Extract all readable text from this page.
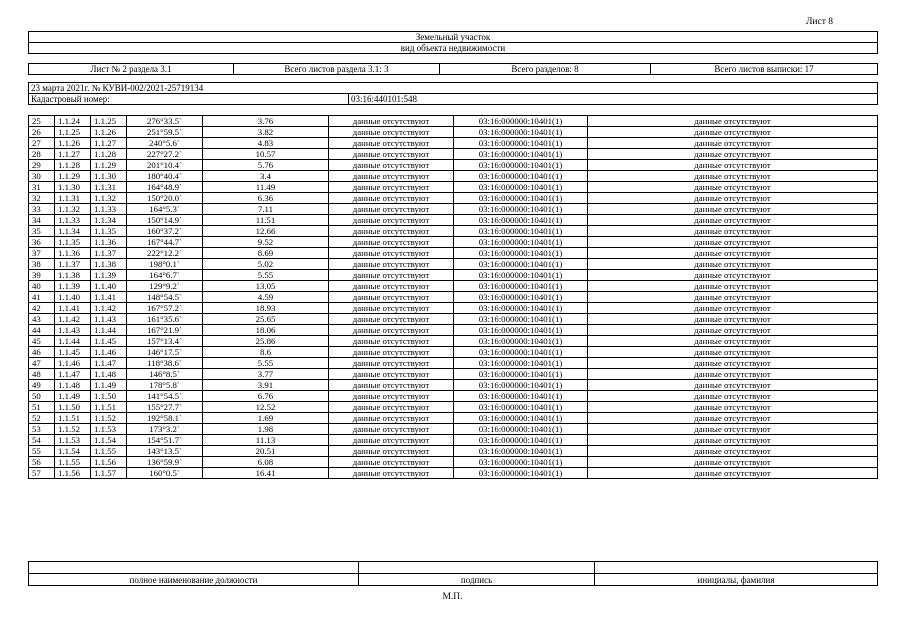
Лист 8
Земельный участок
вид объекта недвижимости
Лист № 2 раздела 3.1	Всего листов раздела 3.1: 3	Всего разделов: 8	Всего листов выписки: 17
23 марта 2021г. № КУВИ-002/2021-25719134
Кадастровый номер:	03:16:440101:548
25	1.1.24	1.1.25	276°33.5`	3.76	данные отсутствуют	03:16:000000:10401(1)	данные отсутствуют
26	1.1.25	1.1.26	251°59.5`	3.82	данные отсутствуют	03:16:000000:10401(1)	данные отсутствуют
27	1.1.26	1.1.27	240°5.6`	4.83	данные отсутствуют	03:16:000000:10401(1)	данные отсутствуют
28	1.1.27	1.1.28	227°27.2`	10.57	данные отсутствуют	03:16:000000:10401(1)	данные отсутствуют
29	1.1.28	1.1.29	201°10.4`	5.76	данные отсутствуют	03:16:000000:10401(1)	данные отсутствуют
30	1.1.29	1.1.30	180°40.4`	3.4	данные отсутствуют	03:16:000000:10401(1)	данные отсутствуют
31	1.1.30	1.1.31	164°48.9`	11.49	данные отсутствуют	03:16:000000:10401(1)	данные отсутствуют
32	1.1.31	1.1.32	150°20.0`	6.36	данные отсутствуют	03:16:000000:10401(1)	данные отсутствуют
33	1.1.32	1.1.33	164°5.3`	7.11	данные отсутствуют	03:16:000000:10401(1)	данные отсутствуют
34	1.1.33	1.1.34	150°14.9`	11.51	данные отсутствуют	03:16:000000:10401(1)	данные отсутствуют
35	1.1.34	1.1.35	160°37.2`	12.66	данные отсутствуют	03:16:000000:10401(1)	данные отсутствуют
36	1.1.35	1.1.36	167°44.7`	9.52	данные отсутствуют	03:16:000000:10401(1)	данные отсутствуют
37	1.1.36	1.1.37	222°12.2`	8.69	данные отсутствуют	03:16:000000:10401(1)	данные отсутствуют
38	1.1.37	1.1.38	198°0.1`	5.02	данные отсутствуют	03:16:000000:10401(1)	данные отсутствуют
39	1.1.38	1.1.39	164°6.7`	5.55	данные отсутствуют	03:16:000000:10401(1)	данные отсутствуют
40	1.1.39	1.1.40	129°9.2`	13.05	данные отсутствуют	03:16:000000:10401(1)	данные отсутствуют
41	1.1.40	1.1.41	148°54.5`	4.59	данные отсутствуют	03:16:000000:10401(1)	данные отсутствуют
42	1.1.41	1.1.42	167°57.2`	18.93	данные отсутствуют	03:16:000000:10401(1)	данные отсутствуют
43	1.1.42	1.1.43	161°35.6`	25.65	данные отсутствуют	03:16:000000:10401(1)	данные отсутствуют
44	1.1.43	1.1.44	167°21.9`	18.06	данные отсутствуют	03:16:000000:10401(1)	данные отсутствуют
45	1.1.44	1.1.45	157°13.4`	25.86	данные отсутствуют	03:16:000000:10401(1)	данные отсутствуют
46	1.1.45	1.1.46	146°17.5`	8.6	данные отсутствуют	03:16:000000:10401(1)	данные отсутствуют
47	1.1.46	1.1.47	118°38.6`	5.55	данные отсутствуют	03:16:000000:10401(1)	данные отсутствуют
48	1.1.47	1.1.48	146°8.5`	3.77	данные отсутствуют	03:16:000000:10401(1)	данные отсутствуют
49	1.1.48	1.1.49	178°5.8`	3.91	данные отсутствуют	03:16:000000:10401(1)	данные отсутствуют
50	1.1.49	1.1.50	141°54.5`	6.76	данные отсутствуют	03:16:000000:10401(1)	данные отсутствуют
51	1.1.50	1.1.51	155°27.7`	12.52	данные отсутствуют	03:16:000000:10401(1)	данные отсутствуют
52	1.1.51	1.1.52	192°58.1`	1.69	данные отсутствуют	03:16:000000:10401(1)	данные отсутствуют
53	1.1.52	1.1.53	173°3.2`	1.98	данные отсутствуют	03:16:000000:10401(1)	данные отсутствуют
54	1.1.53	1.1.54	154°51.7`	11.13	данные отсутствуют	03:16:000000:10401(1)	данные отсутствуют
55	1.1.54	1.1.55	143°13.5`	20.51	данные отсутствуют	03:16:000000:10401(1)	данные отсутствуют
56	1.1.55	1.1.56	136°59.9`	6.08	данные отсутствуют	03:16:000000:10401(1)	данные отсутствуют
57	1.1.56	1.1.57	160°0.5`	16.41	данные отсутствуют	03:16:000000:10401(1)	данные отсутствуют

полное наименование должности	подпись	инициалы, фамилия
М.П.
